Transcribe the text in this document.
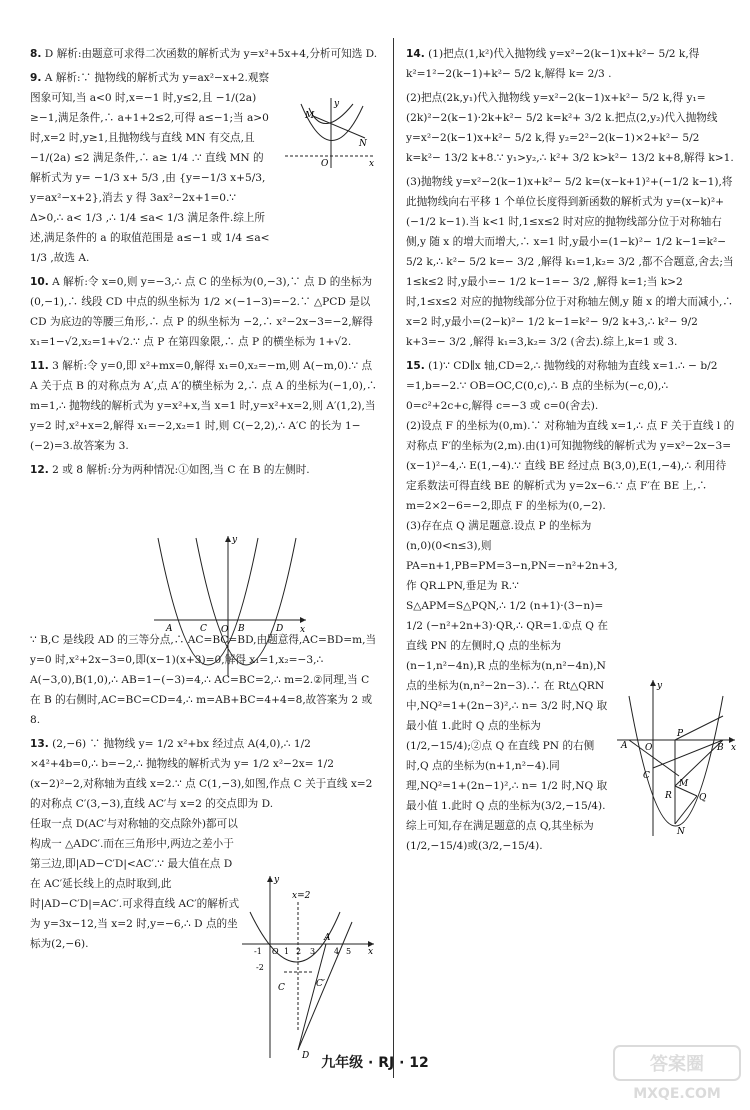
8. D 解析:由题意可求得二次函数的解析式为 y=x²+5x+4,分析可知选 D.

9. A 解析:∵ 抛物线的解析式为 y=ax²−x+2.观察图象可知,当 a<0 时,x=−1 时,y≤2,且 −1/(2a) ≥−1,满足条件,∴ a+1+2≤2,可得 a≤−1;当 a>0 时,x=2 时,y≥1,且抛物线与直线 MN 有交点,且 −1/(2a) ≤2 满足条件,∴ a≥ 1/4 .∵ 直线 MN 的解析式为 y= −1/3 x+ 5/3 ,由 {y=−1/3 x+5/3, y=ax²−x+2},消去 y 得 3ax²−2x+1=0.∵ Δ>0,∴ a< 1/3 ,∴ 1/4 ≤a< 1/3 满足条件.综上所述,满足条件的 a 的取值范围是 a≤−1 或 1/4 ≤a< 1/3 ,故选 A.

10. A 解析:令 x=0,则 y=−3,∴ 点 C 的坐标为(0,−3),∵ 点 D 的坐标为(0,−1),∴ 线段 CD 中点的纵坐标为 1/2 ×(−1−3)=−2.∵ △PCD 是以 CD 为底边的等腰三角形,∴ 点 P 的纵坐标为 −2,∴ x²−2x−3=−2,解得 x₁=1−√2,x₂=1+√2.∵ 点 P 在第四象限,∴ 点 P 的横坐标为 1+√2.

11. 3 解析:令 y=0,即 x²+mx=0,解得 x₁=0,x₂=−m,则 A(−m,0).∵ 点 A 关于点 B 的对称点为 A′,点 A′的横坐标为 2,∴ 点 A 的坐标为(−1,0),∴ m=1,∴ 抛物线的解析式为 y=x²+x,当 x=1 时,y=x²+x=2,则 A′(1,2),当 y=2 时,x²+x=2,解得 x₁=−2,x₂=1 时,则 C(−2,2),∴ A′C 的长为 1−(−2)=3.故答案为 3.

12. 2 或 8 解析:分为两种情况:①如图,当 C 在 B 的左侧时.

∵ B,C 是线段 AD 的三等分点,∴ AC=BC=BD,由题意得,AC=BD=m,当 y=0 时,x²+2x−3=0,即(x−1)(x+3)=0,解得 x₁=1,x₂=−3,∴ A(−3,0),B(1,0),∴ AB=1−(−3)=4,∴ AC=BC=2,∴ m=2.②同理,当 C 在 B 的右侧时,AC=BC=CD=4,∴ m=AB+BC=4+4=8,故答案为 2 或 8.

13. (2,−6) ∵ 抛物线 y= 1/2 x²+bx 经过点 A(4,0),∴ 1/2 ×4²+4b=0,∴ b=−2,∴ 抛物线的解析式为 y= 1/2 x²−2x= 1/2 (x−2)²−2,对称轴为直线 x=2.∵ 点 C(1,−3),如图,作点 C 关于直线 x=2 的对称点 C′(3,−3),直线 AC′与 x=2 的交点即为 D.

任取一点 D(AC′与对称轴的交点除外)都可以构成一 △ADC′.而在三角形中,两边之差小于第三边,即|AD−C′D|<AC′.∵ 最大值在点 D 在 AC′延长线上的点时取到,此时|AD−C′D|=AC′.可求得直线 AC′的解析式为 y=3x−12,当 x=2 时,y=−6,∴ D 点的坐标为(2,−6).

M
N
O	x
y
A	C O B	D x
y
x=2
A
C	C′
D
x
y
-1 O 1 2 3 4 5
-2

14. (1)把点(1,k²)代入抛物线 y=x²−2(k−1)x+k²− 5/2 k,得 k²=1²−2(k−1)+k²− 5/2 k,解得 k= 2/3 .

(2)把点(2k,y₁)代入抛物线 y=x²−2(k−1)x+k²− 5/2 k,得 y₁=(2k)²−2(k−1)·2k+k²− 5/2 k=k²+ 3/2 k.把点(2,y₂)代入抛物线 y=x²−2(k−1)x+k²− 5/2 k,得 y₂=2²−2(k−1)×2+k²− 5/2 k=k²− 13/2 k+8.∵ y₁>y₂,∴ k²+ 3/2 k>k²− 13/2 k+8,解得 k>1.

(3)抛物线 y=x²−2(k−1)x+k²− 5/2 k=(x−k+1)²+(−1/2 k−1),将此抛物线向右平移 1 个单位长度得到新函数的解析式为 y=(x−k)²+(−1/2 k−1).当 k<1 时,1≤x≤2 时对应的抛物线部分位于对称轴右侧,y 随 x 的增大而增大,∴ x=1 时,y最小=(1−k)²− 1/2 k−1=k²− 5/2 k,∴ k²− 5/2 k=− 3/2 ,解得 k₁=1,k₂= 3/2 ,都不合题意,舍去;当 1≤k≤2 时,y最小=− 1/2 k−1=− 3/2 ,解得 k=1;当 k>2 时,1≤x≤2 对应的抛物线部分位于对称轴左侧,y 随 x 的增大而减小,∴ x=2 时,y最小=(2−k)²− 1/2 k−1=k²− 9/2 k+3,∴ k²− 9/2 k+3=− 3/2 ,解得 k₁=3,k₂= 3/2 (舍去).综上,k=1 或 3.

15. (1)∵ CD∥x 轴,CD=2,∴ 抛物线的对称轴为直线 x=1.∴ − b/2 =1,b=−2.∵ OB=OC,C(0,c),∴ B 点的坐标为(−c,0),∴ 0=c²+2c+c,解得 c=−3 或 c=0(舍去).

(2)设点 F 的坐标为(0,m).∵ 对称轴为直线 x=1,∴ 点 F 关于直线 l 的对称点 F′的坐标为(2,m).由(1)可知抛物线的解析式为 y=x²−2x−3=(x−1)²−4,∴ E(1,−4).∵ 直线 BE 经过点 B(3,0),E(1,−4),∴ 利用待定系数法可得直线 BE 的解析式为 y=2x−6.∵ 点 F′在 BE 上,∴ m=2×2−6=−2,即点 F 的坐标为(0,−2).

(3)存在点 Q 满足题意.设点 P 的坐标为(n,0)(0<n≤3),则 PA=n+1,PB=PM=3−n,PN=−n²+2n+3,作 QR⊥PN,垂足为 R.∵ S△APM=S△PQN,∴ 1/2 (n+1)·(3−n)= 1/2 (−n²+2n+3)·QR,∴ QR=1.①点 Q 在直线 PN 的左侧时,Q 点的坐标为(n−1,n²−4n),R 点的坐标为(n,n²−4n),N 点的坐标为(n,n²−2n−3).∴ 在 Rt△QRN 中,NQ²=1+(2n−3)²,∴ n= 3/2 时,NQ 取最小值 1.此时 Q 点的坐标为(1/2,−15/4);②点 Q 在直线 PN 的右侧时,Q 点的坐标为(n+1,n²−4).同理,NQ²=1+(2n−1)²,∴ n= 1/2 时,NQ 取最小值 1.此时 Q 点的坐标为(3/2,−15/4).综上可知,存在满足题意的点 Q,其坐标为(1/2,−15/4)或(3/2,−15/4).

y
A O
P
B x
M
R	Q
C
N
九年级 · RJ · 12	答案圈
MXQE.COM
